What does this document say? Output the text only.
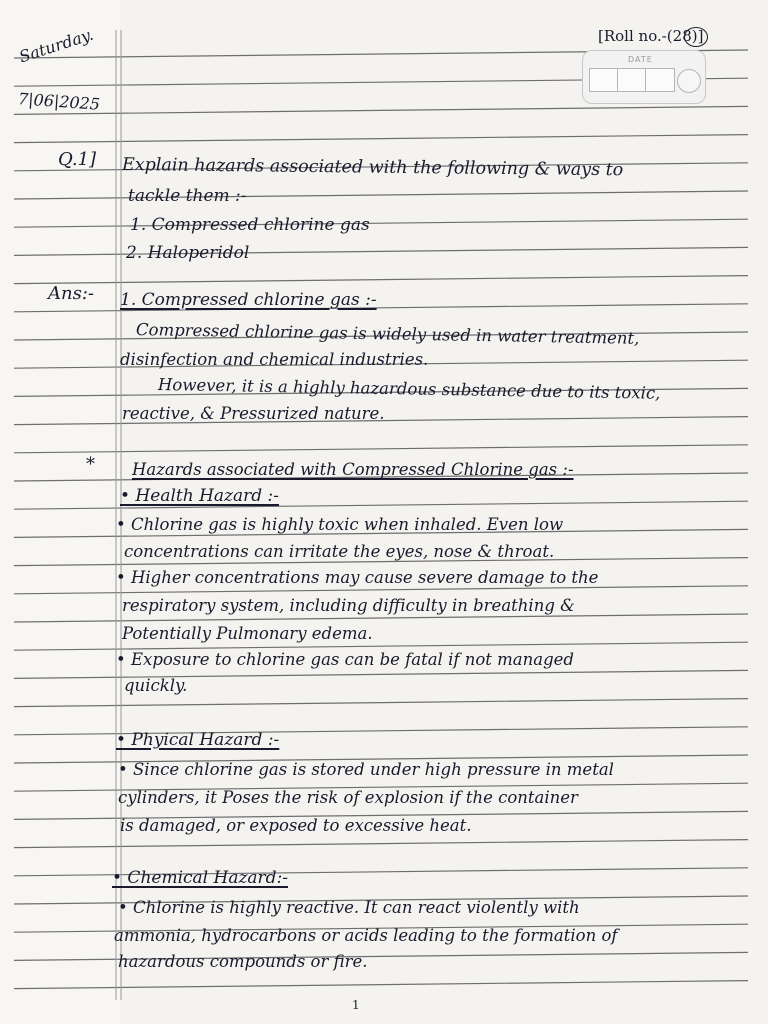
Saturday.
7|06|2025
[Roll no.-(28)]
DATE
Q.1] Explain hazards associated with the following & ways to
tackle them :-
1. Compressed chlorine gas
2. Haloperidol
Ans:- 1. Compressed chlorine gas :-
Compressed chlorine gas is widely used in water treatment,
disinfection and chemical industries.
However, it is a highly hazardous substance due to its toxic,
reactive, & Pressurized nature.
* Hazards associated with Compressed Chlorine gas :-
• Health Hazard :-
• Chlorine gas is highly toxic when inhaled. Even low
concentrations can irritate the eyes, nose & throat.
• Higher concentrations may cause severe damage to the
respiratory system, including difficulty in breathing &
Potentially Pulmonary edema.
• Exposure to chlorine gas can be fatal if not managed
quickly.
• Phyical Hazard :-
• Since chlorine gas is stored under high pressure in metal
cylinders, it Poses the risk of explosion if the container
is damaged, or exposed to excessive heat.
• Chemical Hazard:-
• Chlorine is highly reactive. It can react violently with
ammonia, hydrocarbons or acids leading to the formation of
hazardous compounds or fire.
1
